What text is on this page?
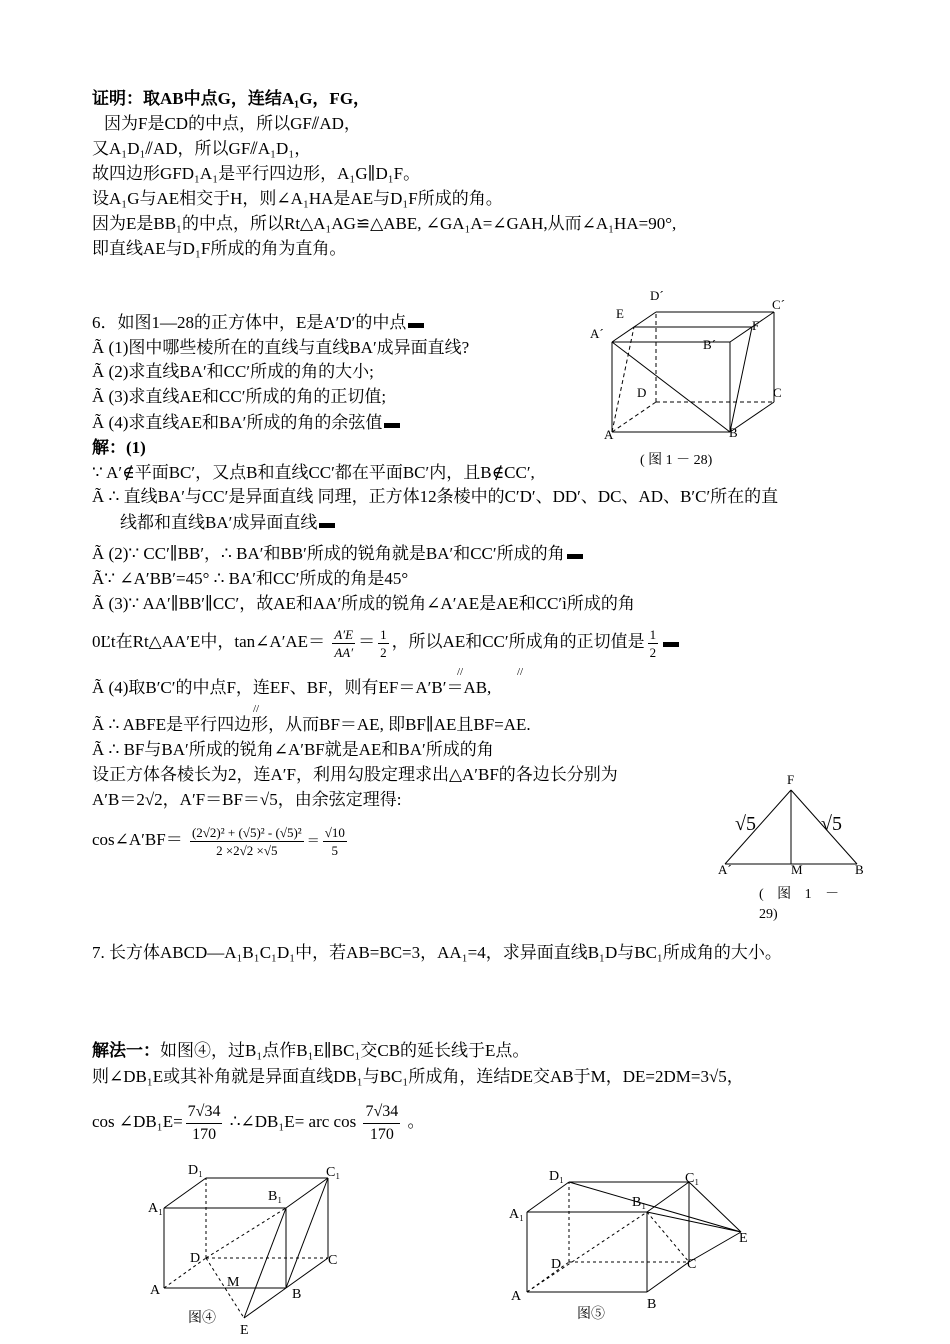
证明：取AB中点G，连结A₁G，FG，
因为F是CD的中点，所以GF⫽AD，
又A₁D₁⫽AD，所以GF⫽A₁D₁，
故四边形GFD₁A₁是平行四边形，A₁G∥D₁F。
设A₁G与AE相交于H，则∠A₁HA是AE与D₁F所成的角。
因为E是BB₁的中点，所以Rt△A₁AG≌△ABE, ∠GA₁A=∠GAH,从而∠A₁HA=90°,
即直线AE与D₁F所成的角为直角。
6．如图1—28的正方体中，E是A′D′的中点
Ã (1)图中哪些棱所在的直线与直线BA′成异面直线?
Ã (2)求直线BA′和CC′所成的角的大小;
Ã (3)求直线AE和CC′所成的角的正切值;
Ã (4)求直线AE和BA′所成的角的余弦值
解：(1)
∵ A′∉平面BC′，又点B和直线CC′都在平面BC′内，且B∉CC′,
Ã ∴ 直线BA′与CC′是异面直线 同理，正方体12条棱中的C′D′、DD′、DC、AD、B′C′所在的直
线都和直线BA′成异面直线
Ã (2)∵ CC′∥BB′，∴ BA′和BB′所成的锐角就是BA′和CC′所成的角
Ã∵ ∠A′BB′=45° ∴ BA′和CC′所成的角是45°
Ã (3)∵ AA′∥BB′∥CC′，故AE和AA′所成的锐角∠A′AE是AE和CC′ì所成的角
0Ľt在Rt△AA′E中，tan∠A′AE＝ $\frac{A'E}{AA'} = \frac{1}{2}$ ，所以AE和CC′所成角的正切值是 $\frac{1}{2}$
Ã (4)取B′C′的中点F，连EF、BF，则有EF＝A′B′＝AB,
//	//
Ã ∴ ABFE是平行四边形，从而BF＝AE, 即BF∥AE且BF=AE.
//
Ã ∴ BF与BA′所成的锐角∠A′BF就是AE和BA′所成的角
设正方体各棱长为2，连A′F，利用勾股定理求出△A′BF的各边长分别为
A′B＝2√2，A′F＝BF＝√5，由余弦定理得:
cos∠A′BF＝ $\frac{\text{(2√2)² + (√5)² - (√5)²}}{2 \times 2√2 \times√5} = \frac{√10}{5}$
D´
C´
E
A´
F
B´
D	C
A	B
( 图 1 － 28)
F
√5	√5
A´	M	B
( 图 1 －
29)
7. 长方体ABCD—A₁B₁C₁D₁中，若AB=BC=3，AA₁=4，求异面直线B₁D与BC₁所成角的大小。
解法一：如图④，过B₁点作B₁E∥BC₁交CB的延长线于E点。
则∠DB₁E或其补角就是异面直线DB₁与BC₁所成角，连结DE交AB于M，DE=2DM=3√5，
cos ∠DB₁E= $\frac{7√34}{170}$ ∴∠DB₁E= arc $\cos \frac{7√34}{170}$ 。
D₁	C₁
A₁
B₁
D	C
A
M
B
E
图④
D₁	C₁
A₁
B₁
E
D	C
A
B
图⑤
